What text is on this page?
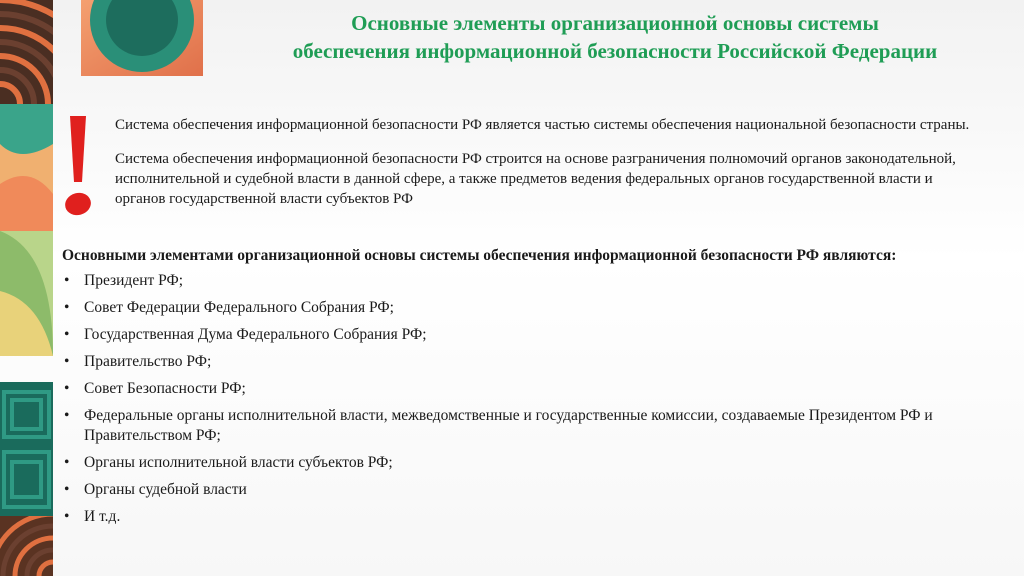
Основные элементы организационной основы системы
обеспечения информационной безопасности Российской Федерации

Система обеспечения информационной безопасности РФ является частью системы обеспечения национальной безопасности страны.

Система обеспечения информационной безопасности РФ строится на основе разграничения полномочий органов законодательной, исполнительной и судебной власти в данной сфере, а также предметов ведения федеральных органов государственной власти и органов государственной власти субъектов РФ

Основными элементами организационной основы системы обеспечения информационной безопасности РФ являются:

• Президент РФ;
• Совет Федерации Федерального Собрания РФ;
• Государственная Дума Федерального Собрания РФ;
• Правительство РФ;
• Совет Безопасности РФ;
• Федеральные органы исполнительной власти, межведомственные и государственные комиссии, создаваемые Президентом РФ и Правительством РФ;
• Органы исполнительной власти субъектов РФ;
• Органы судебной власти
• И т.д.
